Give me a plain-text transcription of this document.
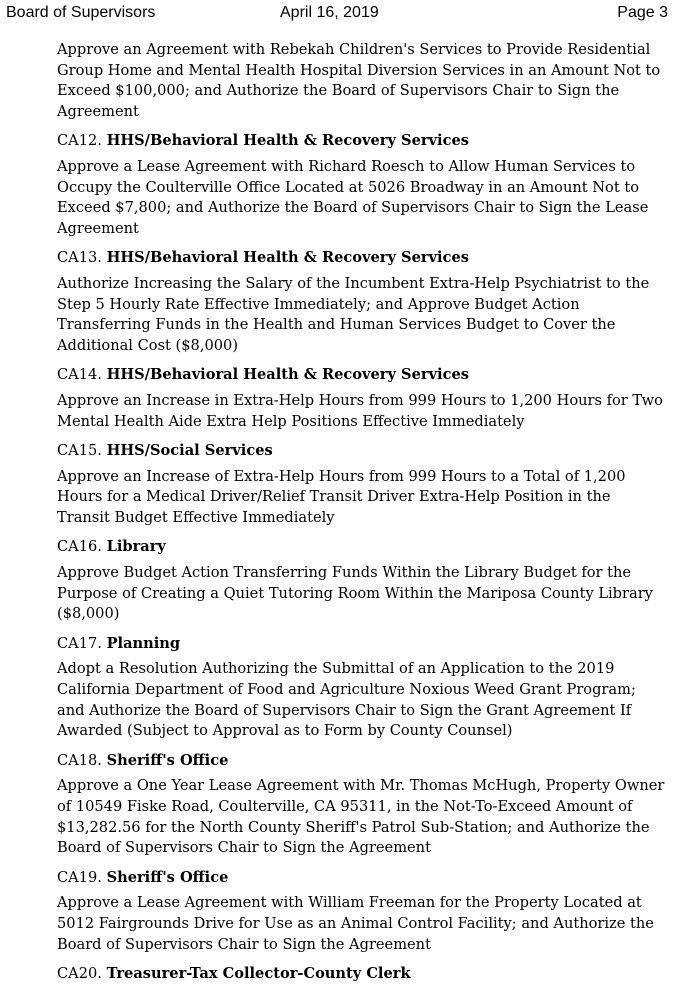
Board of Supervisors	April 16, 2019	Page 3

Approve an Agreement with Rebekah Children's Services to Provide Residential Group Home and Mental Health Hospital Diversion Services in an Amount Not to Exceed $100,000; and Authorize the Board of Supervisors Chair to Sign the Agreement

CA12. HHS/Behavioral Health & Recovery Services

Approve a Lease Agreement with Richard Roesch to Allow Human Services to Occupy the Coulterville Office Located at 5026 Broadway in an Amount Not to Exceed $7,800; and Authorize the Board of Supervisors Chair to Sign the Lease Agreement

CA13. HHS/Behavioral Health & Recovery Services

Authorize Increasing the Salary of the Incumbent Extra-Help Psychiatrist to the Step 5 Hourly Rate Effective Immediately; and Approve Budget Action Transferring Funds in the Health and Human Services Budget to Cover the Additional Cost ($8,000)

CA14. HHS/Behavioral Health & Recovery Services

Approve an Increase in Extra-Help Hours from 999 Hours to 1,200 Hours for Two Mental Health Aide Extra Help Positions Effective Immediately

CA15. HHS/Social Services

Approve an Increase of Extra-Help Hours from 999 Hours to a Total of 1,200 Hours for a Medical Driver/Relief Transit Driver Extra-Help Position in the Transit Budget Effective Immediately

CA16. Library

Approve Budget Action Transferring Funds Within the Library Budget for the Purpose of Creating a Quiet Tutoring Room Within the Mariposa County Library ($8,000)

CA17. Planning

Adopt a Resolution Authorizing the Submittal of an Application to the 2019 California Department of Food and Agriculture Noxious Weed Grant Program; and Authorize the Board of Supervisors Chair to Sign the Grant Agreement If Awarded (Subject to Approval as to Form by County Counsel)

CA18. Sheriff's Office

Approve a One Year Lease Agreement with Mr. Thomas McHugh, Property Owner of 10549 Fiske Road, Coulterville, CA 95311, in the Not-To-Exceed Amount of $13,282.56 for the North County Sheriff's Patrol Sub-Station; and Authorize the Board of Supervisors Chair to Sign the Agreement

CA19. Sheriff's Office

Approve a Lease Agreement with William Freeman for the Property Located at 5012 Fairgrounds Drive for Use as an Animal Control Facility; and Authorize the Board of Supervisors Chair to Sign the Agreement

CA20. Treasurer-Tax Collector-County Clerk
